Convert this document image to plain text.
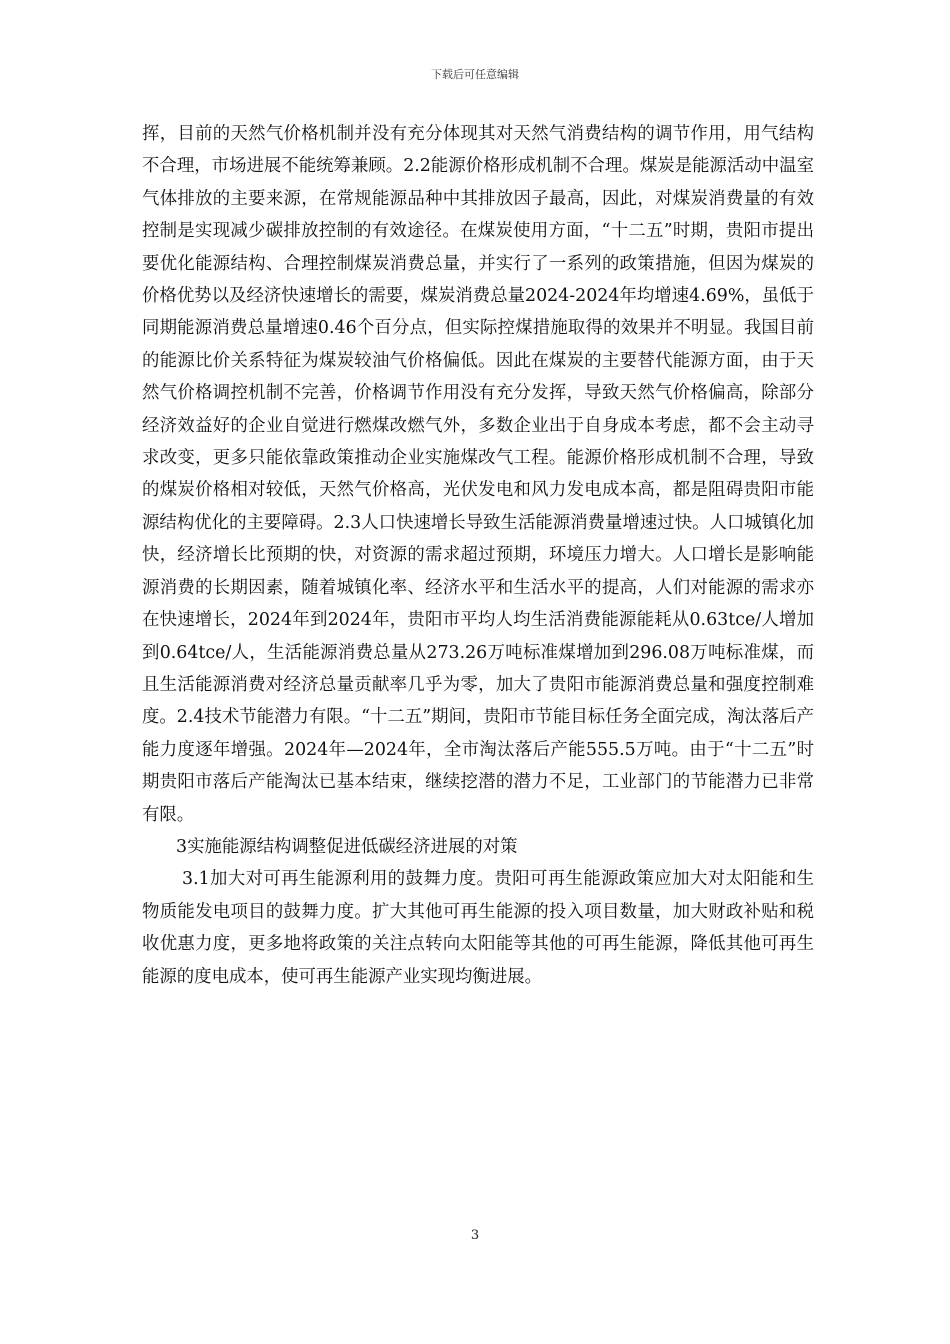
下载后可任意编辑

挥，目前的天然气价格机制并没有充分体现其对天然气消费结构的调节作用，用气结构不合理，市场进展不能统筹兼顾。2.2能源价格形成机制不合理。煤炭是能源活动中温室气体排放的主要来源，在常规能源品种中其排放因子最高，因此，对煤炭消费量的有效控制是实现减少碳排放控制的有效途径。在煤炭使用方面，“十二五”时期，贵阳市提出要优化能源结构、合理控制煤炭消费总量，并实行了一系列的政策措施，但因为煤炭的价格优势以及经济快速增长的需要，煤炭消费总量2024-2024年均增速4.69%，虽低于同期能源消费总量增速0.46个百分点，但实际控煤措施取得的效果并不明显。我国目前的能源比价关系特征为煤炭较油气价格偏低。因此在煤炭的主要替代能源方面，由于天然气价格调控机制不完善，价格调节作用没有充分发挥，导致天然气价格偏高，除部分经济效益好的企业自觉进行燃煤改燃气外，多数企业出于自身成本考虑，都不会主动寻求改变，更多只能依靠政策推动企业实施煤改气工程。能源价格形成机制不合理，导致的煤炭价格相对较低，天然气价格高，光伏发电和风力发电成本高，都是阻碍贵阳市能源结构优化的主要障碍。2.3人口快速增长导致生活能源消费量增速过快。人口城镇化加快，经济增长比预期的快，对资源的需求超过预期，环境压力增大。人口增长是影响能源消费的长期因素，随着城镇化率、经济水平和生活水平的提高，人们对能源的需求亦在快速增长，2024年到2024年，贵阳市平均人均生活消费能源能耗从0.63tce/人增加到0.64tce/人，生活能源消费总量从273.26万吨标准煤增加到296.08万吨标准煤，而且生活能源消费对经济总量贡献率几乎为零，加大了贵阳市能源消费总量和强度控制难度。2.4技术节能潜力有限。“十二五”期间，贵阳市节能目标任务全面完成，淘汰落后产能力度逐年增强。2024年—2024年，全市淘汰落后产能555.5万吨。由于“十二五”时期贵阳市落后产能淘汰已基本结束，继续挖潜的潜力不足，工业部门的节能潜力已非常有限。

3实施能源结构调整促进低碳经济进展的对策

3.1加大对可再生能源利用的鼓舞力度。贵阳可再生能源政策应加大对太阳能和生物质能发电项目的鼓舞力度。扩大其他可再生能源的投入项目数量，加大财政补贴和税收优惠力度，更多地将政策的关注点转向太阳能等其他的可再生能源，降低其他可再生能源的度电成本，使可再生能源产业实现均衡进展。

3
